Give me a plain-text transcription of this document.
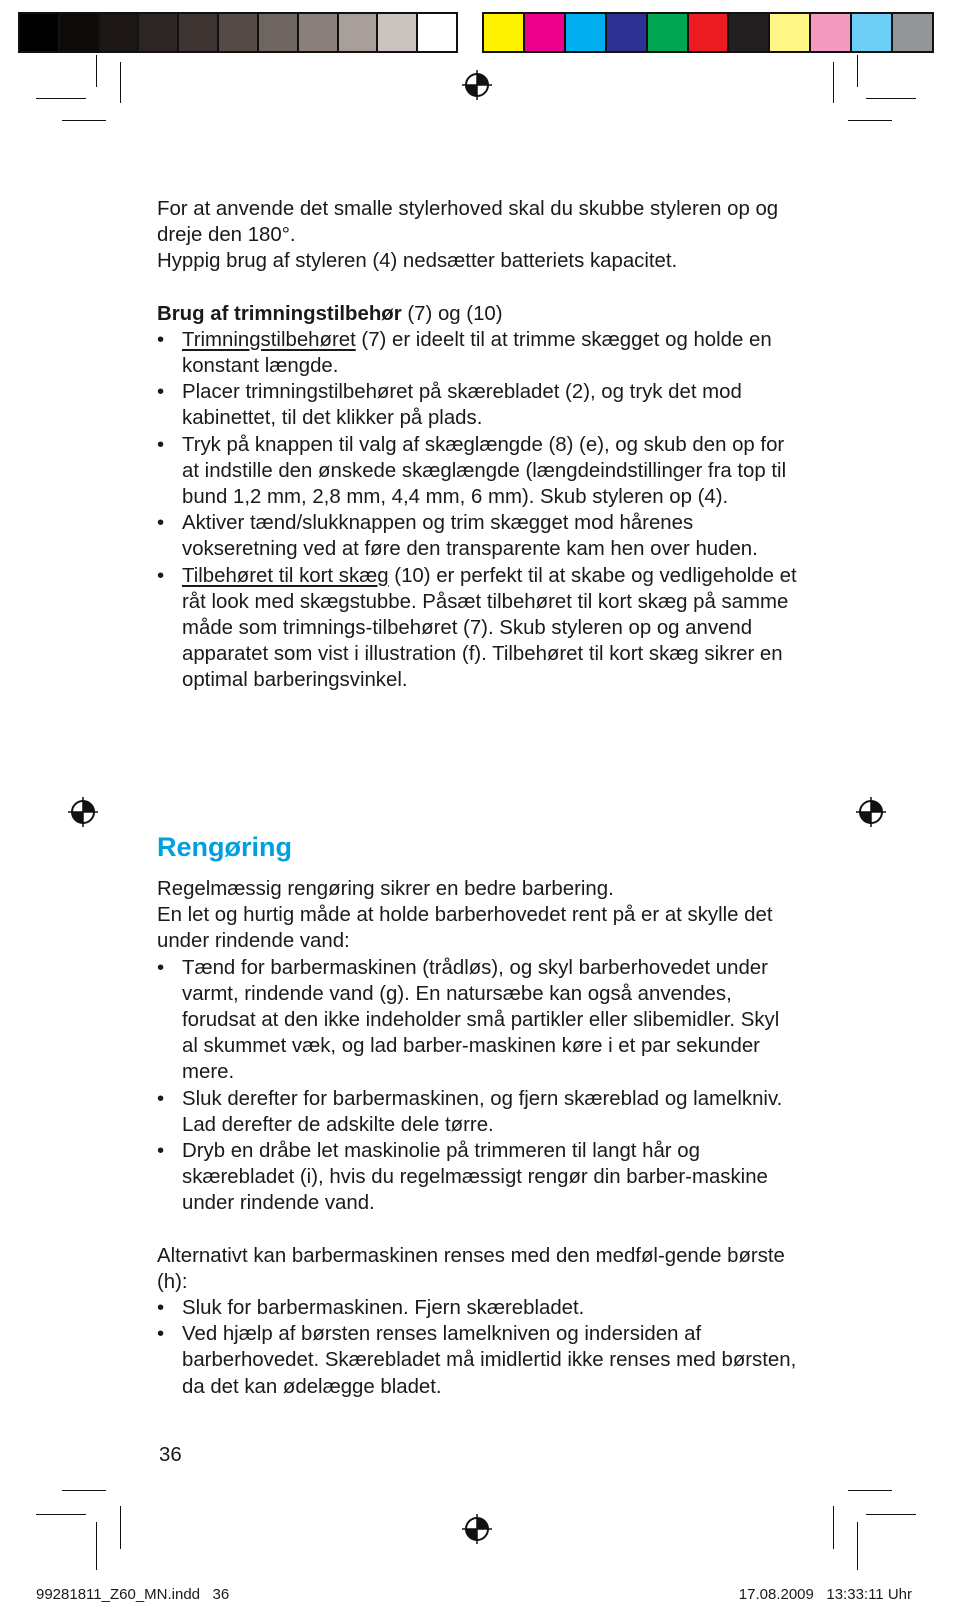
For at anvende det smalle stylerhoved skal du skubbe styleren op og dreje den 180°.

Hyppig brug af styleren (4) nedsætter batteriets kapacitet.

Brug af trimningstilbehør (7) og (10)

• Trimningstilbehøret (7) er ideelt til at trimme skægget og holde en konstant længde.
• Placer trimningstilbehøret på skærebladet (2), og tryk det mod kabinettet, til det klikker på plads.
• Tryk på knappen til valg af skæglængde (8) (e), og skub den op for at indstille den ønskede skæglængde (længdeindstillinger fra top til bund 1,2 mm, 2,8 mm, 4,4 mm, 6 mm). Skub styleren op (4).
• Aktiver tænd/slukknappen og trim skægget mod hårenes vokseretning ved at føre den transparente kam hen over huden.
• Tilbehøret til kort skæg (10) er perfekt til at skabe og vedligeholde et råt look med skægstubbe. Påsæt tilbehøret til kort skæg på samme måde som trimnings-tilbehøret (7). Skub styleren op og anvend apparatet som vist i illustration (f). Tilbehøret til kort skæg sikrer en optimal barberingsvinkel.
Rengøring

Regelmæssig rengøring sikrer en bedre barbering.

En let og hurtig måde at holde barberhovedet rent på er at skylle det under rindende vand:

• Tænd for barbermaskinen (trådløs), og skyl barberhovedet under varmt, rindende vand (g). En natursæbe kan også anvendes, forudsat at den ikke indeholder små partikler eller slibemidler. Skyl al skummet væk, og lad barber-maskinen køre i et par sekunder mere.
• Sluk derefter for barbermaskinen, og fjern skæreblad og lamelkniv. Lad derefter de adskilte dele tørre.
• Dryb en dråbe let maskinolie på trimmeren til langt hår og skærebladet (i), hvis du regelmæssigt rengør din barber-maskine under rindende vand.

Alternativt kan barbermaskinen renses med den medføl-gende børste (h):

• Sluk for barbermaskinen. Fjern skærebladet.
• Ved hjælp af børsten renses lamelkniven og indersiden af barberhovedet. Skærebladet må imidlertid ikke renses med børsten, da det kan ødelægge bladet.
36
99281811_Z60_MN.indd   36	17.08.2009   13:33:11 Uhr
